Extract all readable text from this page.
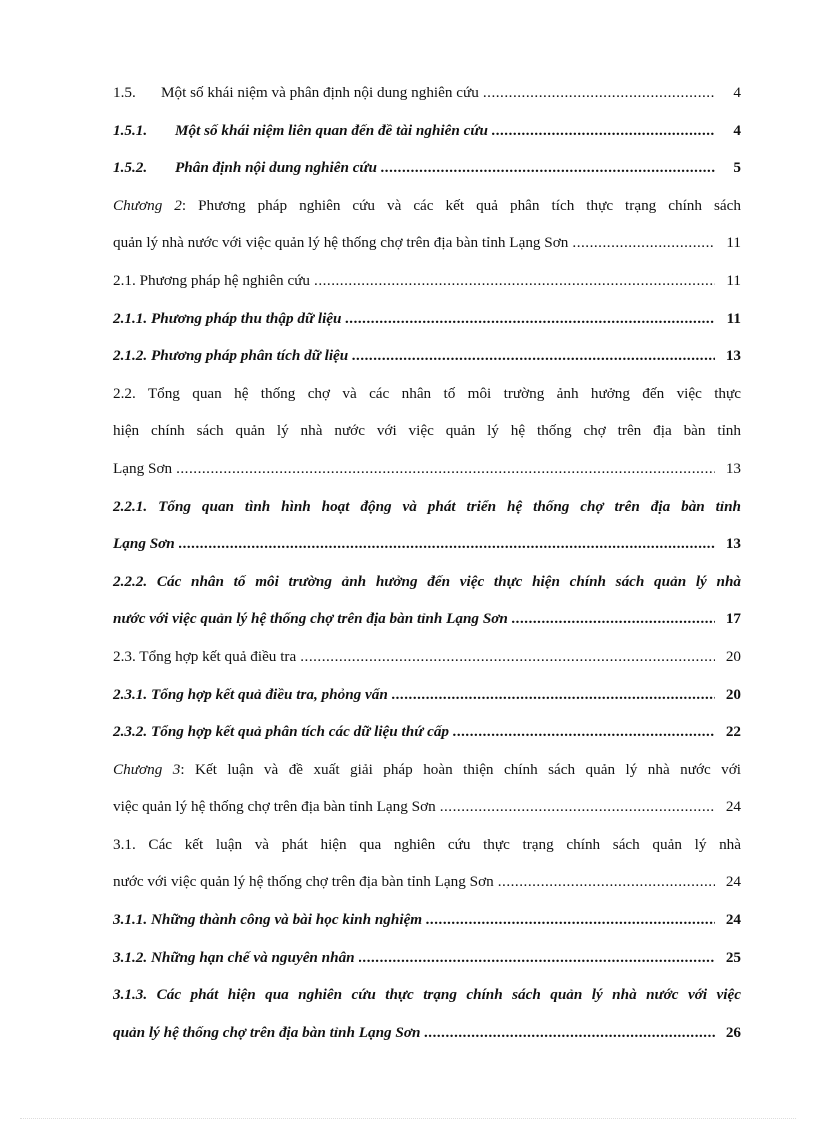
1.5. Một số khái niệm và phân định nội dung nghiên cứu .....	4
1.5.1. Một số khái niệm liên quan đến đề tài nghiên cứu .....	4
1.5.2. Phân định nội dung nghiên cứu .....	5
Chương 2: Phương pháp nghiên cứu và các kết quả phân tích thực trạng chính sách
quản lý nhà nước với việc quản lý hệ thống chợ trên địa bàn tỉnh Lạng Sơn .....	11
2.1. Phương pháp hệ nghiên cứu .....	11
2.1.1. Phương pháp thu thập dữ liệu .....	11
2.1.2. Phương pháp phân tích dữ liệu .....	13
2.2. Tổng quan hệ thống chợ và các nhân tố môi trường ảnh hưởng đến việc thực
hiện chính sách quản lý nhà nước với việc quản lý hệ thống chợ trên địa bàn tỉnh
Lạng Sơn .....	13
2.2.1. Tổng quan tình hình hoạt động và phát triển hệ thống chợ trên địa bàn tỉnh
Lạng Sơn .....	13
2.2.2. Các nhân tố môi trường ảnh hưởng đến việc thực hiện chính sách quản lý nhà
nước với việc quản lý hệ thống chợ trên địa bàn tỉnh Lạng Sơn .....	17
2.3. Tổng hợp kết quả điều tra .....	20
2.3.1. Tổng hợp kết quả điều tra, phỏng vấn .....	20
2.3.2. Tổng hợp kết quả phân tích các dữ liệu thứ cấp .....	22
Chương 3: Kết luận và đề xuất giải pháp hoàn thiện chính sách quản lý nhà nước với
việc quản lý hệ thống chợ trên địa bàn tỉnh Lạng Sơn .....	24
3.1. Các kết luận và phát hiện qua nghiên cứu thực trạng chính sách quản lý nhà
nước với việc quản lý hệ thống chợ trên địa bàn tỉnh Lạng Sơn .....	24
3.1.1. Những thành công và bài học kinh nghiệm .....	24
3.1.2. Những hạn chế và nguyên nhân .....	25
3.1.3. Các phát hiện qua nghiên cứu thực trạng chính sách quản lý nhà nước với việc
quản lý hệ thống chợ trên địa bàn tỉnh Lạng Sơn .....	26
